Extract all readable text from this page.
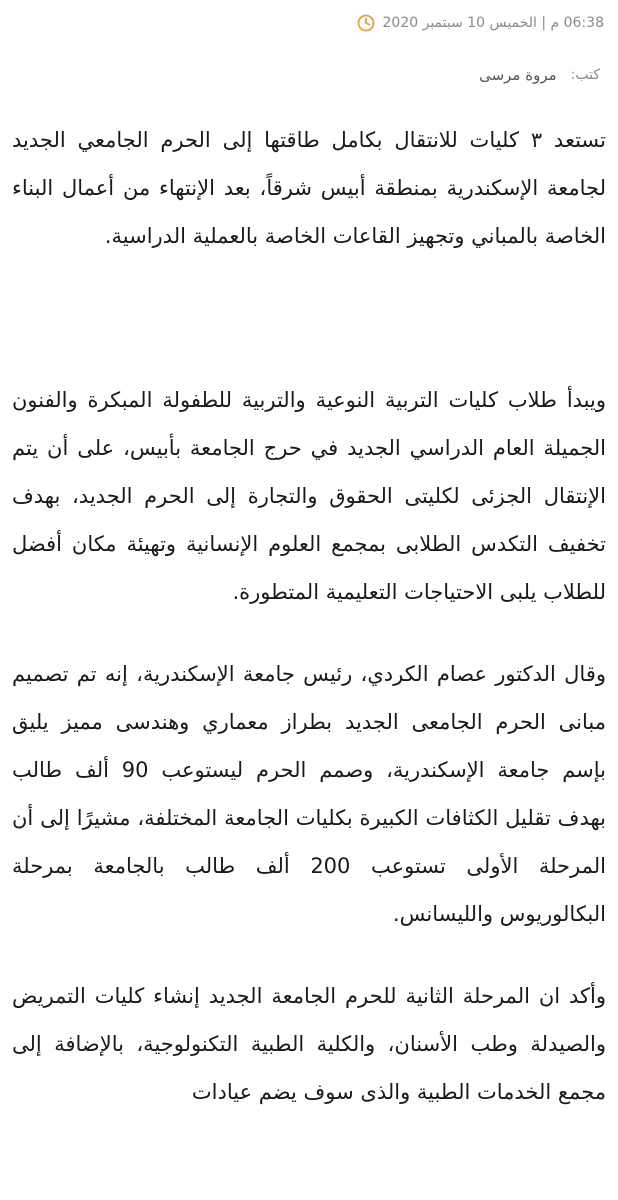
06:38 م | الخميس 10 سبتمبر 2020
كتب:
مروة مرسى

تستعد ٣ كليات للانتقال بكامل طاقتها إلى الحرم الجامعي الجديد لجامعة الإسكندرية بمنطقة أبيس شرقاً، بعد الإنتهاء من أعمال البناء الخاصة بالمباني وتجهيز القاعات الخاصة بالعملية الدراسية.

ويبدأ طلاب كليات التربية النوعية والتربية للطفولة المبكرة والفنون الجميلة العام الدراسي الجديد في حرج الجامعة بأبيس، على أن يتم الإنتقال الجزئى لكليتى الحقوق والتجارة إلى الحرم الجديد، بهدف تخفيف التكدس الطلابى بمجمع العلوم الإنسانية وتهيئة مكان أفضل للطلاب يلبى الاحتياجات التعليمية المتطورة.

وقال الدكتور عصام الكردي، رئيس جامعة الإسكندرية، إنه تم تصميم مبانى الحرم الجامعى الجديد بطراز معماري وهندسى مميز يليق بإسم جامعة الإسكندرية، وصمم الحرم ليستوعب 90 ألف طالب بهدف تقليل الكثافات الكبيرة بكليات الجامعة المختلفة، مشيرًا إلى أن المرحلة الأولى تستوعب 200 ألف طالب بالجامعة بمرحلة البكالوريوس والليسانس.

وأكد ان المرحلة الثانية للحرم الجامعة الجديد إنشاء كليات التمريض والصيدلة وطب الأسنان، والكلية الطبية التكنولوجية، بالإضافة إلى مجمع الخدمات الطبية والذى سوف يضم عيادات
